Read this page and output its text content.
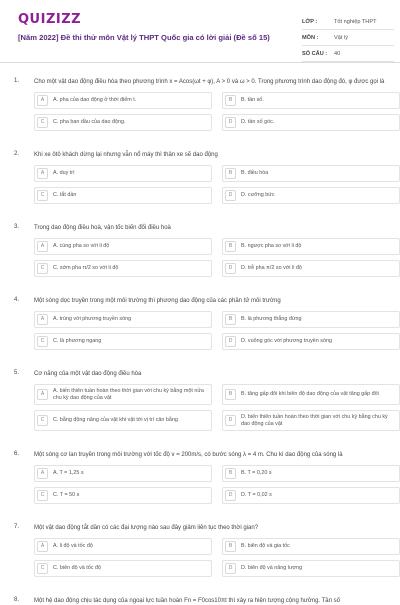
QUIZIZZ
[Năm 2022] Đề thi thử môn Vật lý THPT Quốc gia có lời giải (Đề số 15)
LỚP :	Tốt nghiệp THPT
MÔN :	Vật lý
SỐ CÂU :	40
1. Cho một vật dao động điều hòa theo phương trình x = Acos(ωt + φ), A > 0 và ω > 0. Trong phương trình dao động đó, φ được gọi là
A	A. pha của dao động ở thời điểm t.	B	B. tần số.
C	C. pha ban đầu của dao động.	D	D. tần số góc.
2. Khi xe ôtô khách dừng lại nhưng vẫn nổ máy thì thân xe sẽ dao động
A	A. duy trì	B	B. điều hòa
C	C. tắt dần	D	D. cưỡng bức
3. Trong dao động điều hoà, vận tốc biến đổi điều hoà
A	A. cùng pha so với li độ	B	B. ngược pha so với li độ
C	C. sớm pha π/2 so với li độ	D	D. trễ pha π/2 so với li độ
4. Một sóng dọc truyền trong một môi trường thì phương dao động của các phần tử môi trường
A	A. trùng với phương truyền sóng	B	B. là phương thẳng đứng
C	C. là phương ngang	D	D. vuông góc với phương truyền sóng
5. Cơ năng của một vật dao động điều hòa
A
A. biến thiên tuần hoàn theo thời gian với chu kỳ bằng một nửa chu kỳ dao động của vật
B	B. tăng gấp đôi khi biên độ dao động của vật tăng gấp đôi
C	C. bằng động năng của vật khi vật tới vị trí cân bằng	D
D. biến thiên tuần hoàn theo thời gian với chu kỳ bằng chu kỳ dao động của vật
6. Một sóng cơ lan truyền trong môi trường với tốc độ v = 200m/s, có bước sóng λ = 4 m. Chu kì dao động của sóng là
A	A. T = 1,25 s	B	B. T = 0,20 s
C	C. T = 50 s	D	D. T = 0,02 s
7. Một vật dao động tắt dần có các đại lượng nào sau đây giảm liên tục theo thời gian?
A	A. li độ và tốc độ	B	B. biên độ và gia tốc
C	C. biên độ và tốc độ	D	D. biên độ và năng lượng
8. Một hệ dao động chịu tác dụng của ngoại lực tuần hoàn Fn = F0cos10πt thì xảy ra hiện tượng cộng hưởng. Tần số
